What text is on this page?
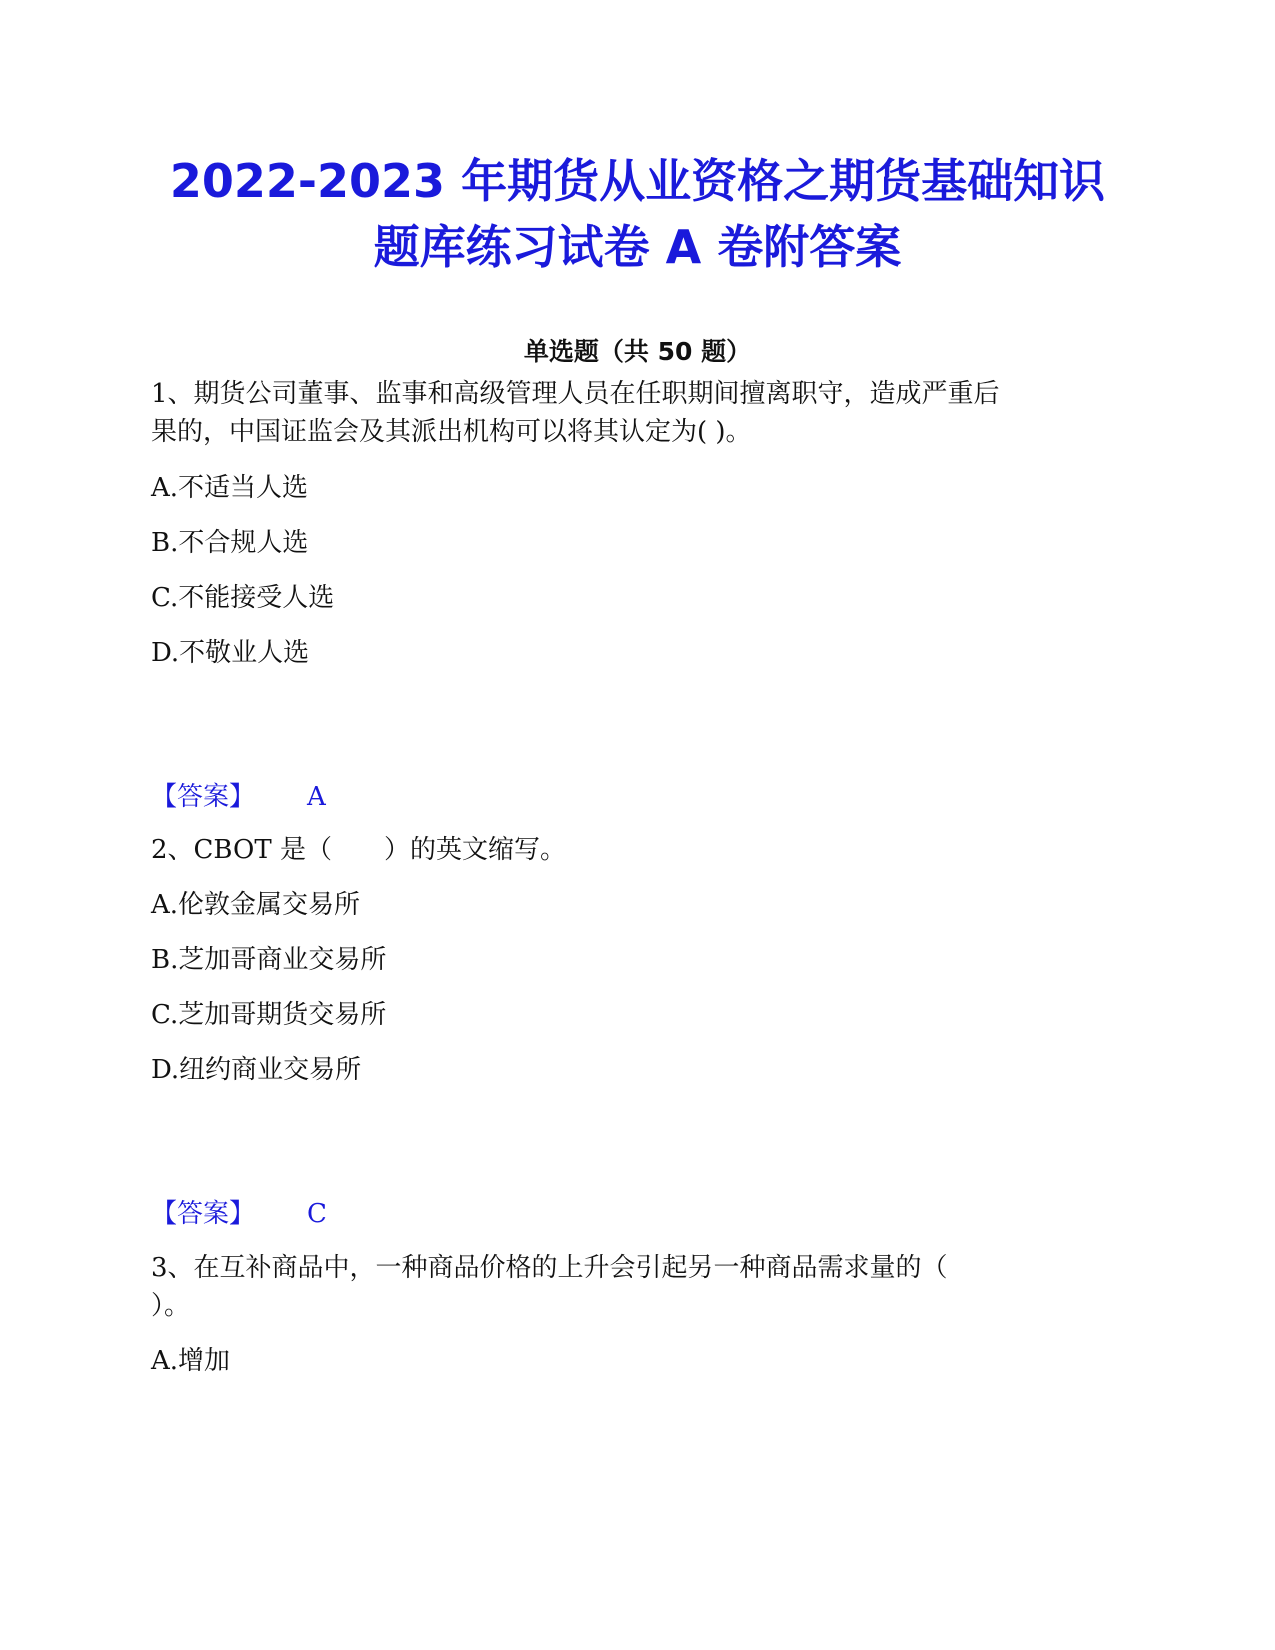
2022-2023 年期货从业资格之期货基础知识
题库练习试卷 A 卷附答案
单选题（共 50 题）
1、期货公司董事、监事和高级管理人员在任职期间擅离职守，造成严重后
果的，中国证监会及其派出机构可以将其认定为( )。
A.不适当人选
B.不合规人选
C.不能接受人选
D.不敬业人选
【答案】 A
2、CBOT 是（　　）的英文缩写。
A.伦敦金属交易所
B.芝加哥商业交易所
C.芝加哥期货交易所
D.纽约商业交易所
【答案】 C
3、在互补商品中，一种商品价格的上升会引起另一种商品需求量的（
）。
A.增加
